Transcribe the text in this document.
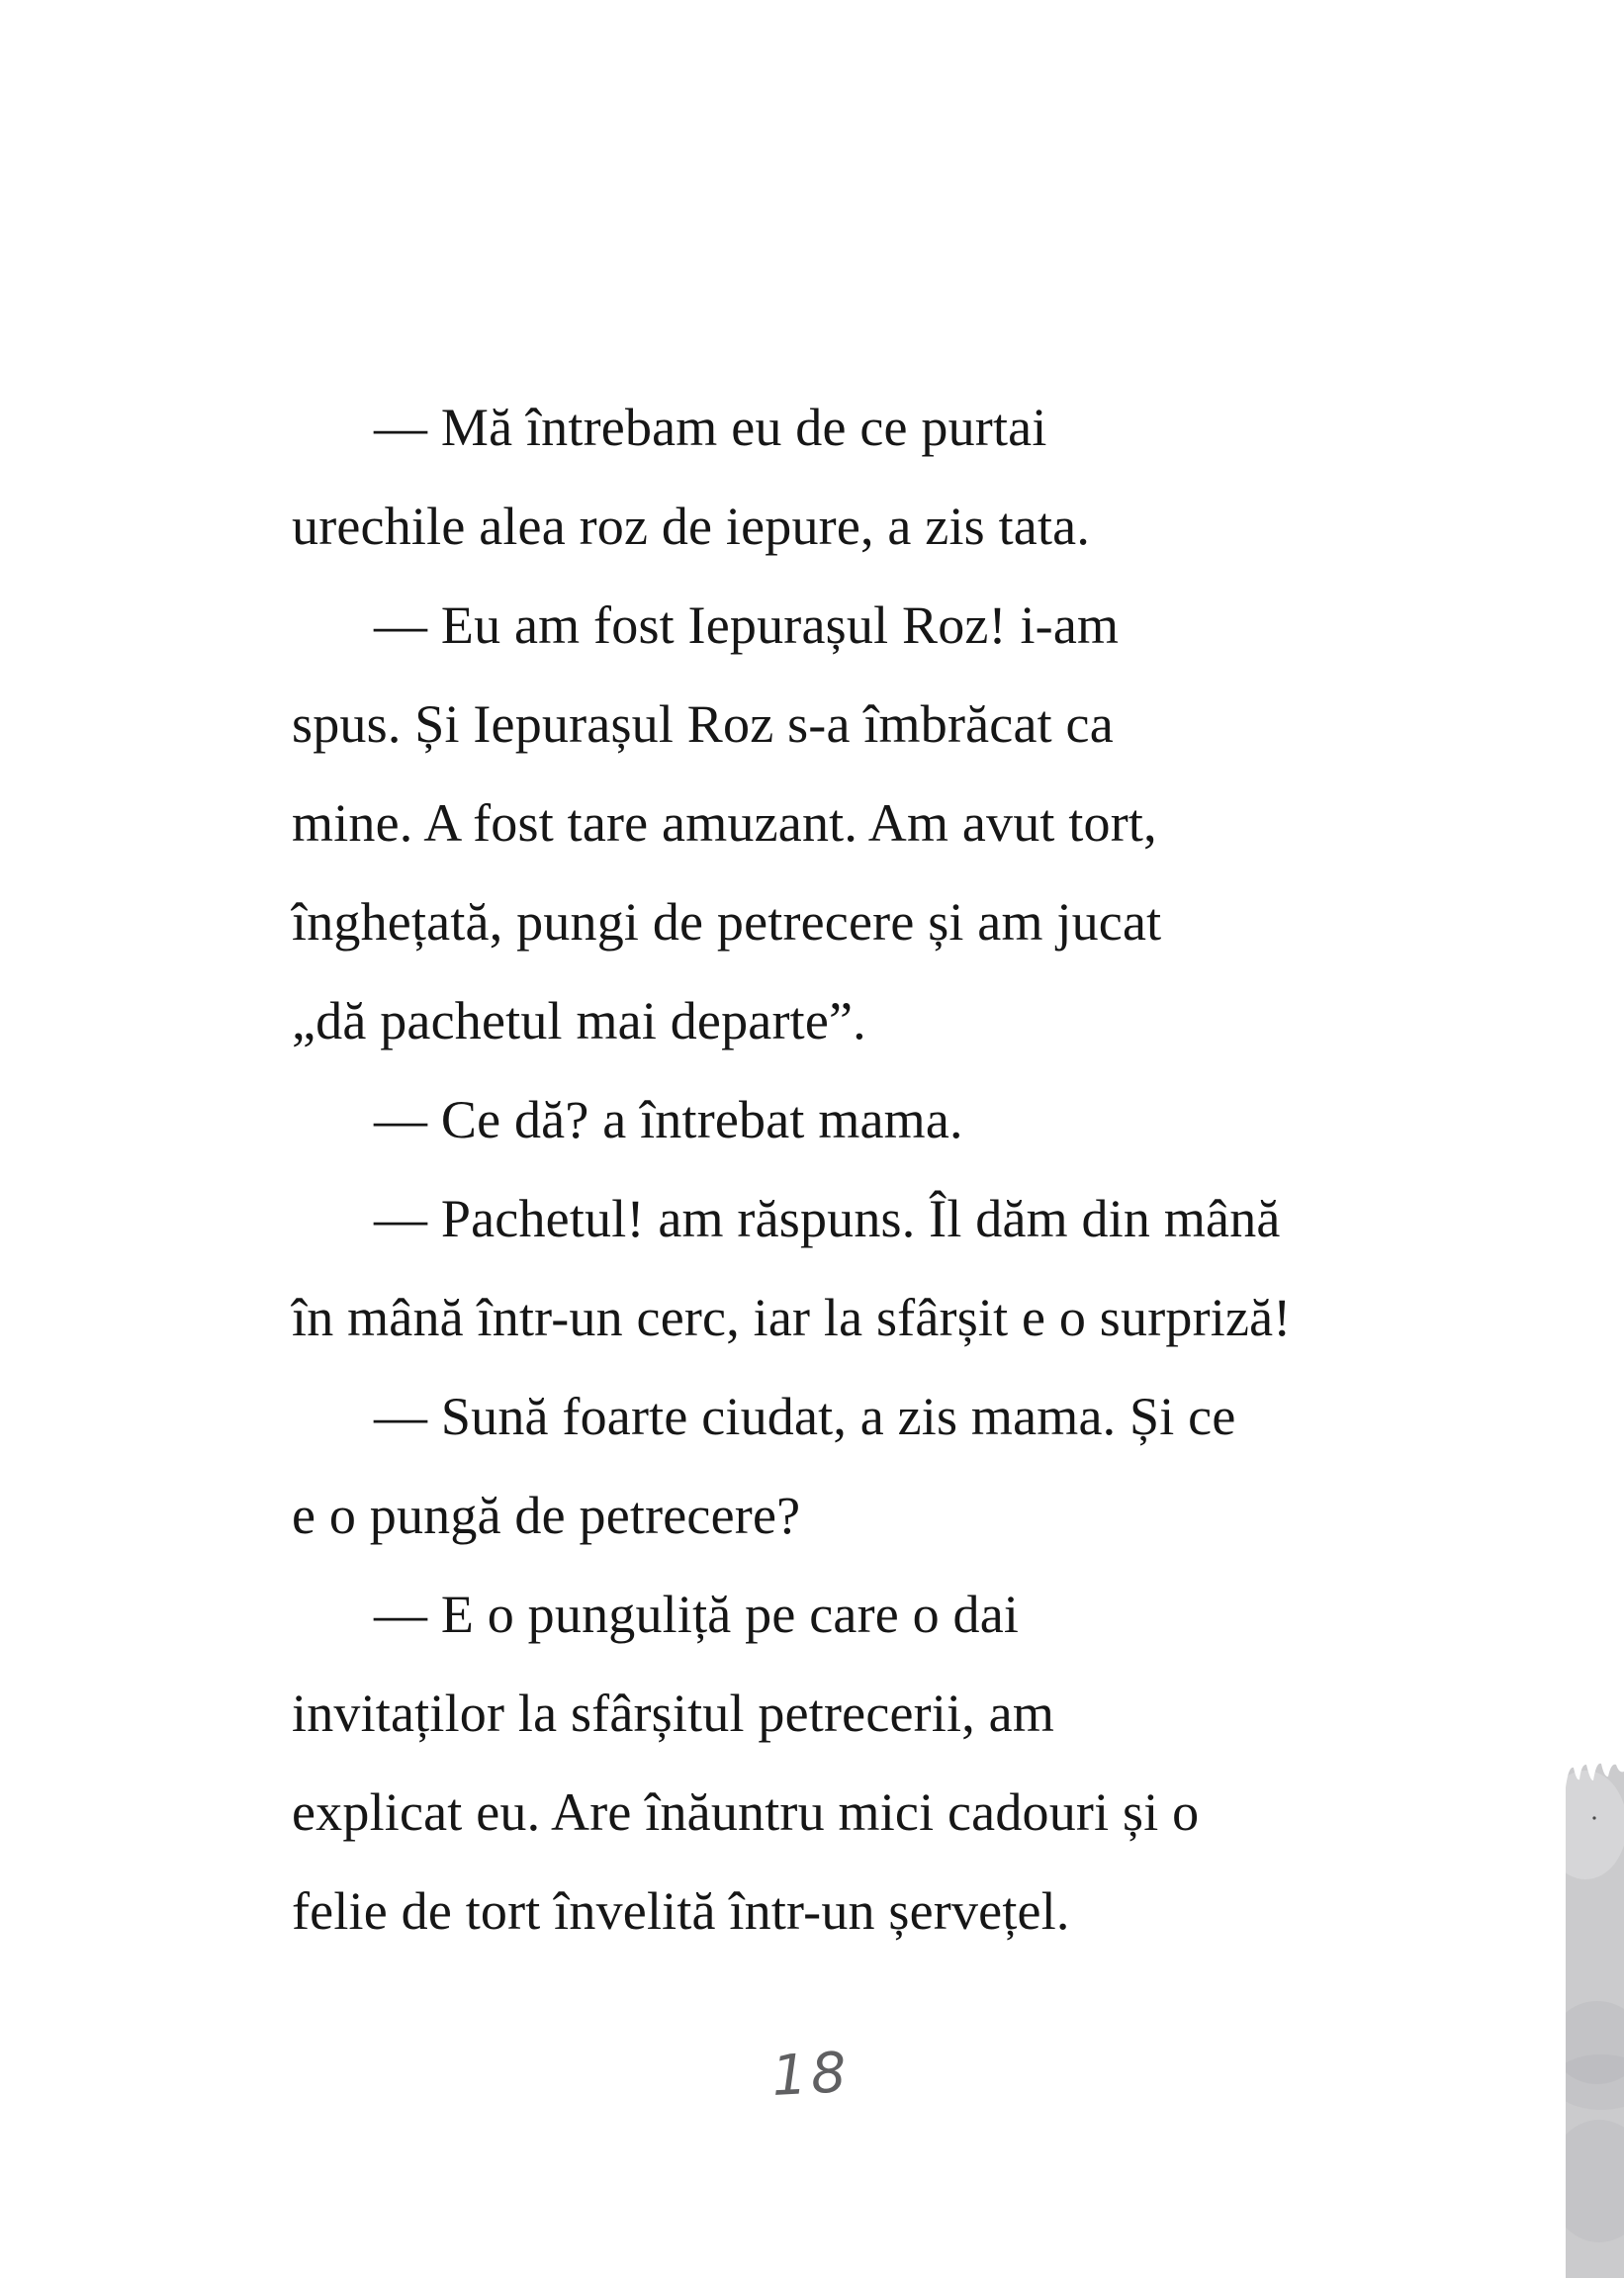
— Mă întrebam eu de ce purtai
urechile alea roz de iepure, a zis tata.
— Eu am fost Iepurașul Roz! i-am
spus. Și Iepurașul Roz s-a îmbrăcat ca
mine. A fost tare amuzant. Am avut tort,
înghețată, pungi de petrecere și am jucat
„dă pachetul mai departe”.
— Ce dă? a întrebat mama.
— Pachetul! am răspuns. Îl dăm din mână
în mână într-un cerc, iar la sfârșit e o surpriză!
— Sună foarte ciudat, a zis mama. Și ce
e o pungă de petrecere?
— E o punguliță pe care o dai
invitaților la sfârșitul petrecerii, am
explicat eu. Are înăuntru mici cadouri și o
felie de tort învelită într-un șervețel.
18
